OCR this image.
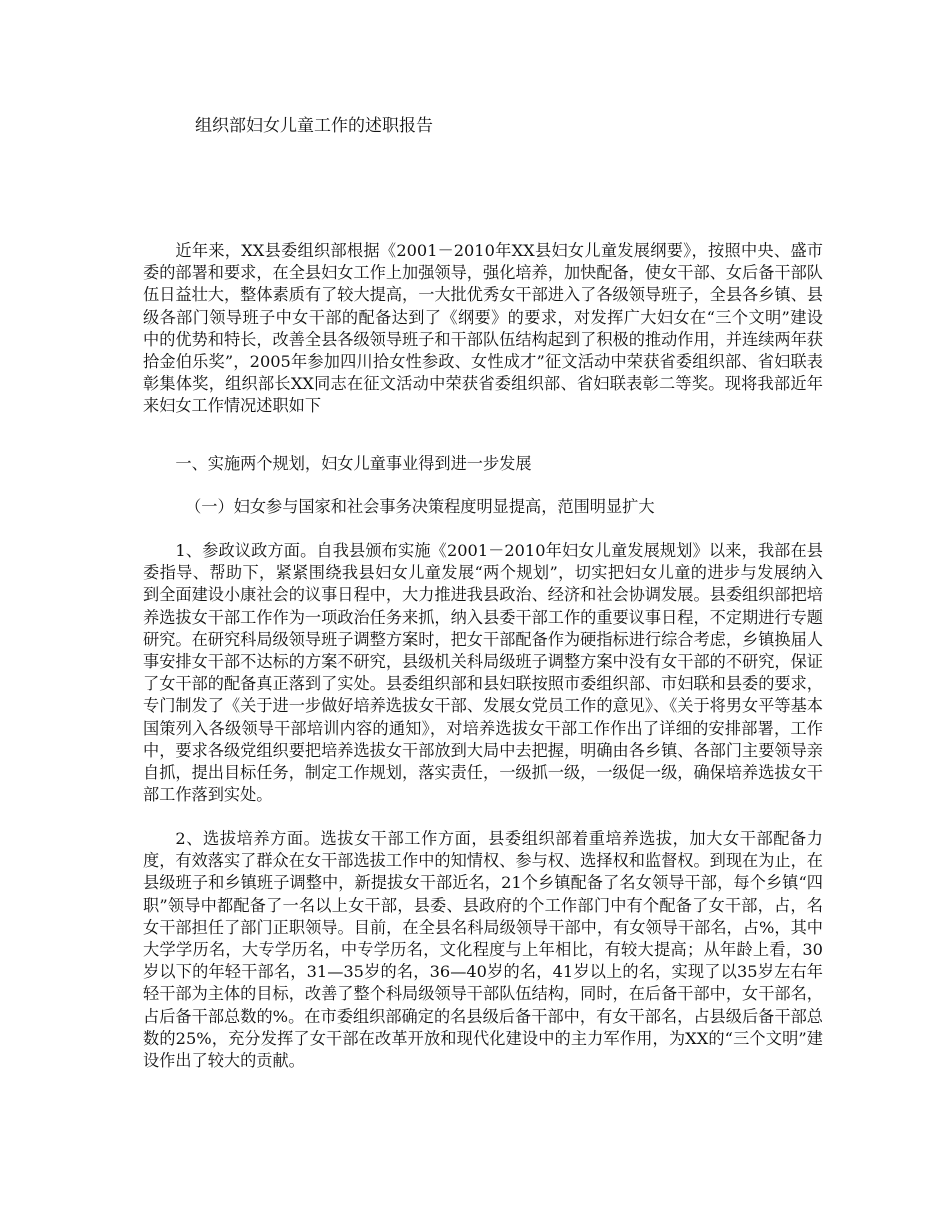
组织部妇女儿童工作的述职报告

近年来，XX县委组织部根据《2001－2010年XX县妇女儿童发展纲要》，按照中央、盛市委的部署和要求，在全县妇女工作上加强领导，强化培养，加快配备，使女干部、女后备干部队伍日益壮大，整体素质有了较大提高，一大批优秀女干部进入了各级领导班子，全县各乡镇、县级各部门领导班子中女干部的配备达到了《纲要》的要求，对发挥广大妇女在“三个文明”建设中的优势和特长，改善全县各级领导班子和干部队伍结构起到了积极的推动作用，并连续两年获拾金伯乐奖”，2005年参加四川拾女性参政、女性成才”征文活动中荣获省委组织部、省妇联表彰集体奖，组织部长XX同志在征文活动中荣获省委组织部、省妇联表彰二等奖。现将我部近年来妇女工作情况述职如下

一、实施两个规划，妇女儿童事业得到进一步发展
（一）妇女参与国家和社会事务决策程度明显提高，范围明显扩大

1、参政议政方面。自我县颁布实施《2001－2010年妇女儿童发展规划》以来，我部在县委指导、帮助下，紧紧围绕我县妇女儿童发展“两个规划”，切实把妇女儿童的进步与发展纳入到全面建设小康社会的议事日程中，大力推进我县政治、经济和社会协调发展。县委组织部把培养选拔女干部工作作为一项政治任务来抓，纳入县委干部工作的重要议事日程，不定期进行专题研究。在研究科局级领导班子调整方案时，把女干部配备作为硬指标进行综合考虑，乡镇换届人事安排女干部不达标的方案不研究，县级机关科局级班子调整方案中没有女干部的不研究，保证了女干部的配备真正落到了实处。县委组织部和县妇联按照市委组织部、市妇联和县委的要求，专门制发了《关于进一步做好培养选拔女干部、发展女党员工作的意见》、《关于将男女平等基本国策列入各级领导干部培训内容的通知》，对培养选拔女干部工作作出了详细的安排部署，工作中，要求各级党组织要把培养选拔女干部放到大局中去把握，明确由各乡镇、各部门主要领导亲自抓，提出目标任务，制定工作规划，落实责任，一级抓一级，一级促一级，确保培养选拔女干部工作落到实处。

2、选拔培养方面。选拔女干部工作方面，县委组织部着重培养选拔，加大女干部配备力度，有效落实了群众在女干部选拔工作中的知情权、参与权、选择权和监督权。到现在为止，在县级班子和乡镇班子调整中，新提拔女干部近名，21个乡镇配备了名女领导干部，每个乡镇“四职”领导中都配备了一名以上女干部，县委、县政府的个工作部门中有个配备了女干部，占，名女干部担任了部门正职领导。目前，在全县名科局级领导干部中，有女领导干部名，占%，其中大学学历名，大专学历名，中专学历名，文化程度与上年相比，有较大提高；从年龄上看，30岁以下的年轻干部名，31—35岁的名，36—40岁的名，41岁以上的名，实现了以35岁左右年轻干部为主体的目标，改善了整个科局级领导干部队伍结构，同时，在后备干部中，女干部名，占后备干部总数的%。在市委组织部确定的名县级后备干部中，有女干部名，占县级后备干部总数的25%，充分发挥了女干部在改革开放和现代化建设中的主力军作用，为XX的“三个文明”建设作出了较大的贡献。
